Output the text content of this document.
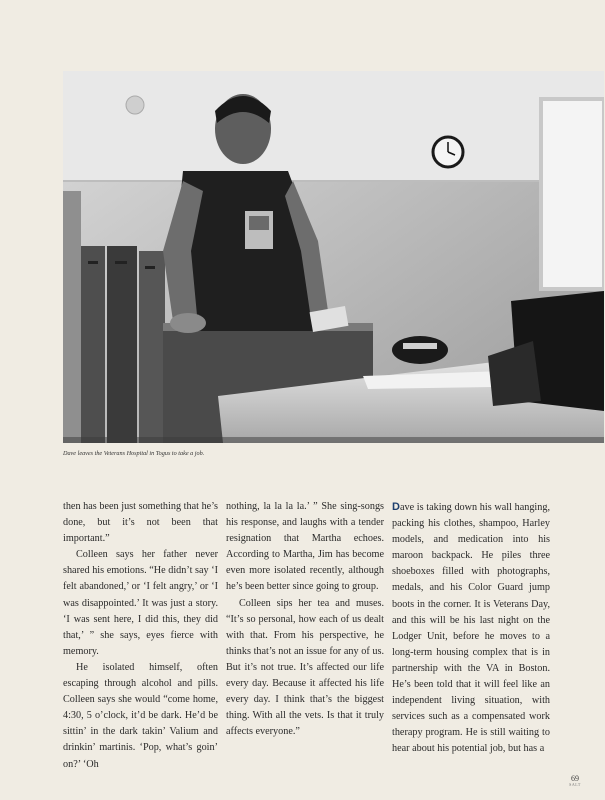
Dave leaves the Veterans Hospital in Togus to take a job.

then has been just something that he’s done, but it’s not been that important.”

Colleen says her father never shared his emotions. “He didn’t say ‘I felt abandoned,’ or ‘I felt angry,’ or ‘I was disappointed.’ It was just a story. ‘I was sent here, I did this, they did that,’ ” she says, eyes fierce with memory.

He isolated himself, often escaping through alcohol and pills. Colleen says she would “come home, 4:30, 5 o’clock, it’d be dark. He’d be sittin’ in the dark takin’ Valium and drinkin’ martinis. ‘Pop, what’s goin’ on?’ ‘Oh

nothing, la la la la.’ ” She sing-songs his response, and laughs with a tender resignation that Martha echoes. According to Martha, Jim has become even more isolated recently, although he’s been better since going to group.

Colleen sips her tea and muses. “It’s so personal, how each of us dealt with that. From his perspective, he thinks that’s not an issue for any of us. But it’s not true. It’s affected our life every day. Because it affected his life every day. I think that’s the biggest thing. With all the vets. Is that it truly affects everyone.”

Dave is taking down his wall hanging, packing his clothes, shampoo, Harley models, and medication into his maroon backpack. He piles three shoeboxes filled with photographs, medals, and his Color Guard jump boots in the corner. It is Veterans Day, and this will be his last night on the Lodger Unit, before he moves to a long-term housing complex that is in partnership with the VA in Boston. He’s been told that it will feel like an independent living situation, with services such as a compensated work therapy program. He is still waiting to hear about his potential job, but has a

69
SALT
